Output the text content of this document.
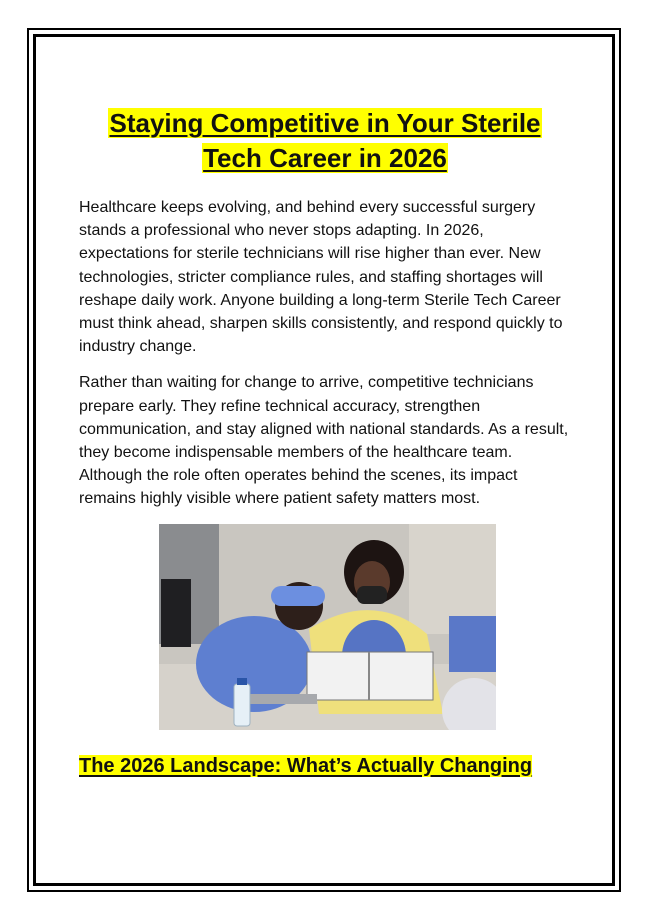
Staying Competitive in Your Sterile Tech Career in 2026

Healthcare keeps evolving, and behind every successful surgery stands a professional who never stops adapting. In 2026, expectations for sterile technicians will rise higher than ever. New technologies, stricter compliance rules, and staffing shortages will reshape daily work. Anyone building a long-term Sterile Tech Career must think ahead, sharpen skills consistently, and respond quickly to industry change.

Rather than waiting for change to arrive, competitive technicians prepare early. They refine technical accuracy, strengthen communication, and stay aligned with national standards. As a result, they become indispensable members of the healthcare team. Although the role often operates behind the scenes, its impact remains highly visible where patient safety matters most.

The 2026 Landscape: What’s Actually Changing
